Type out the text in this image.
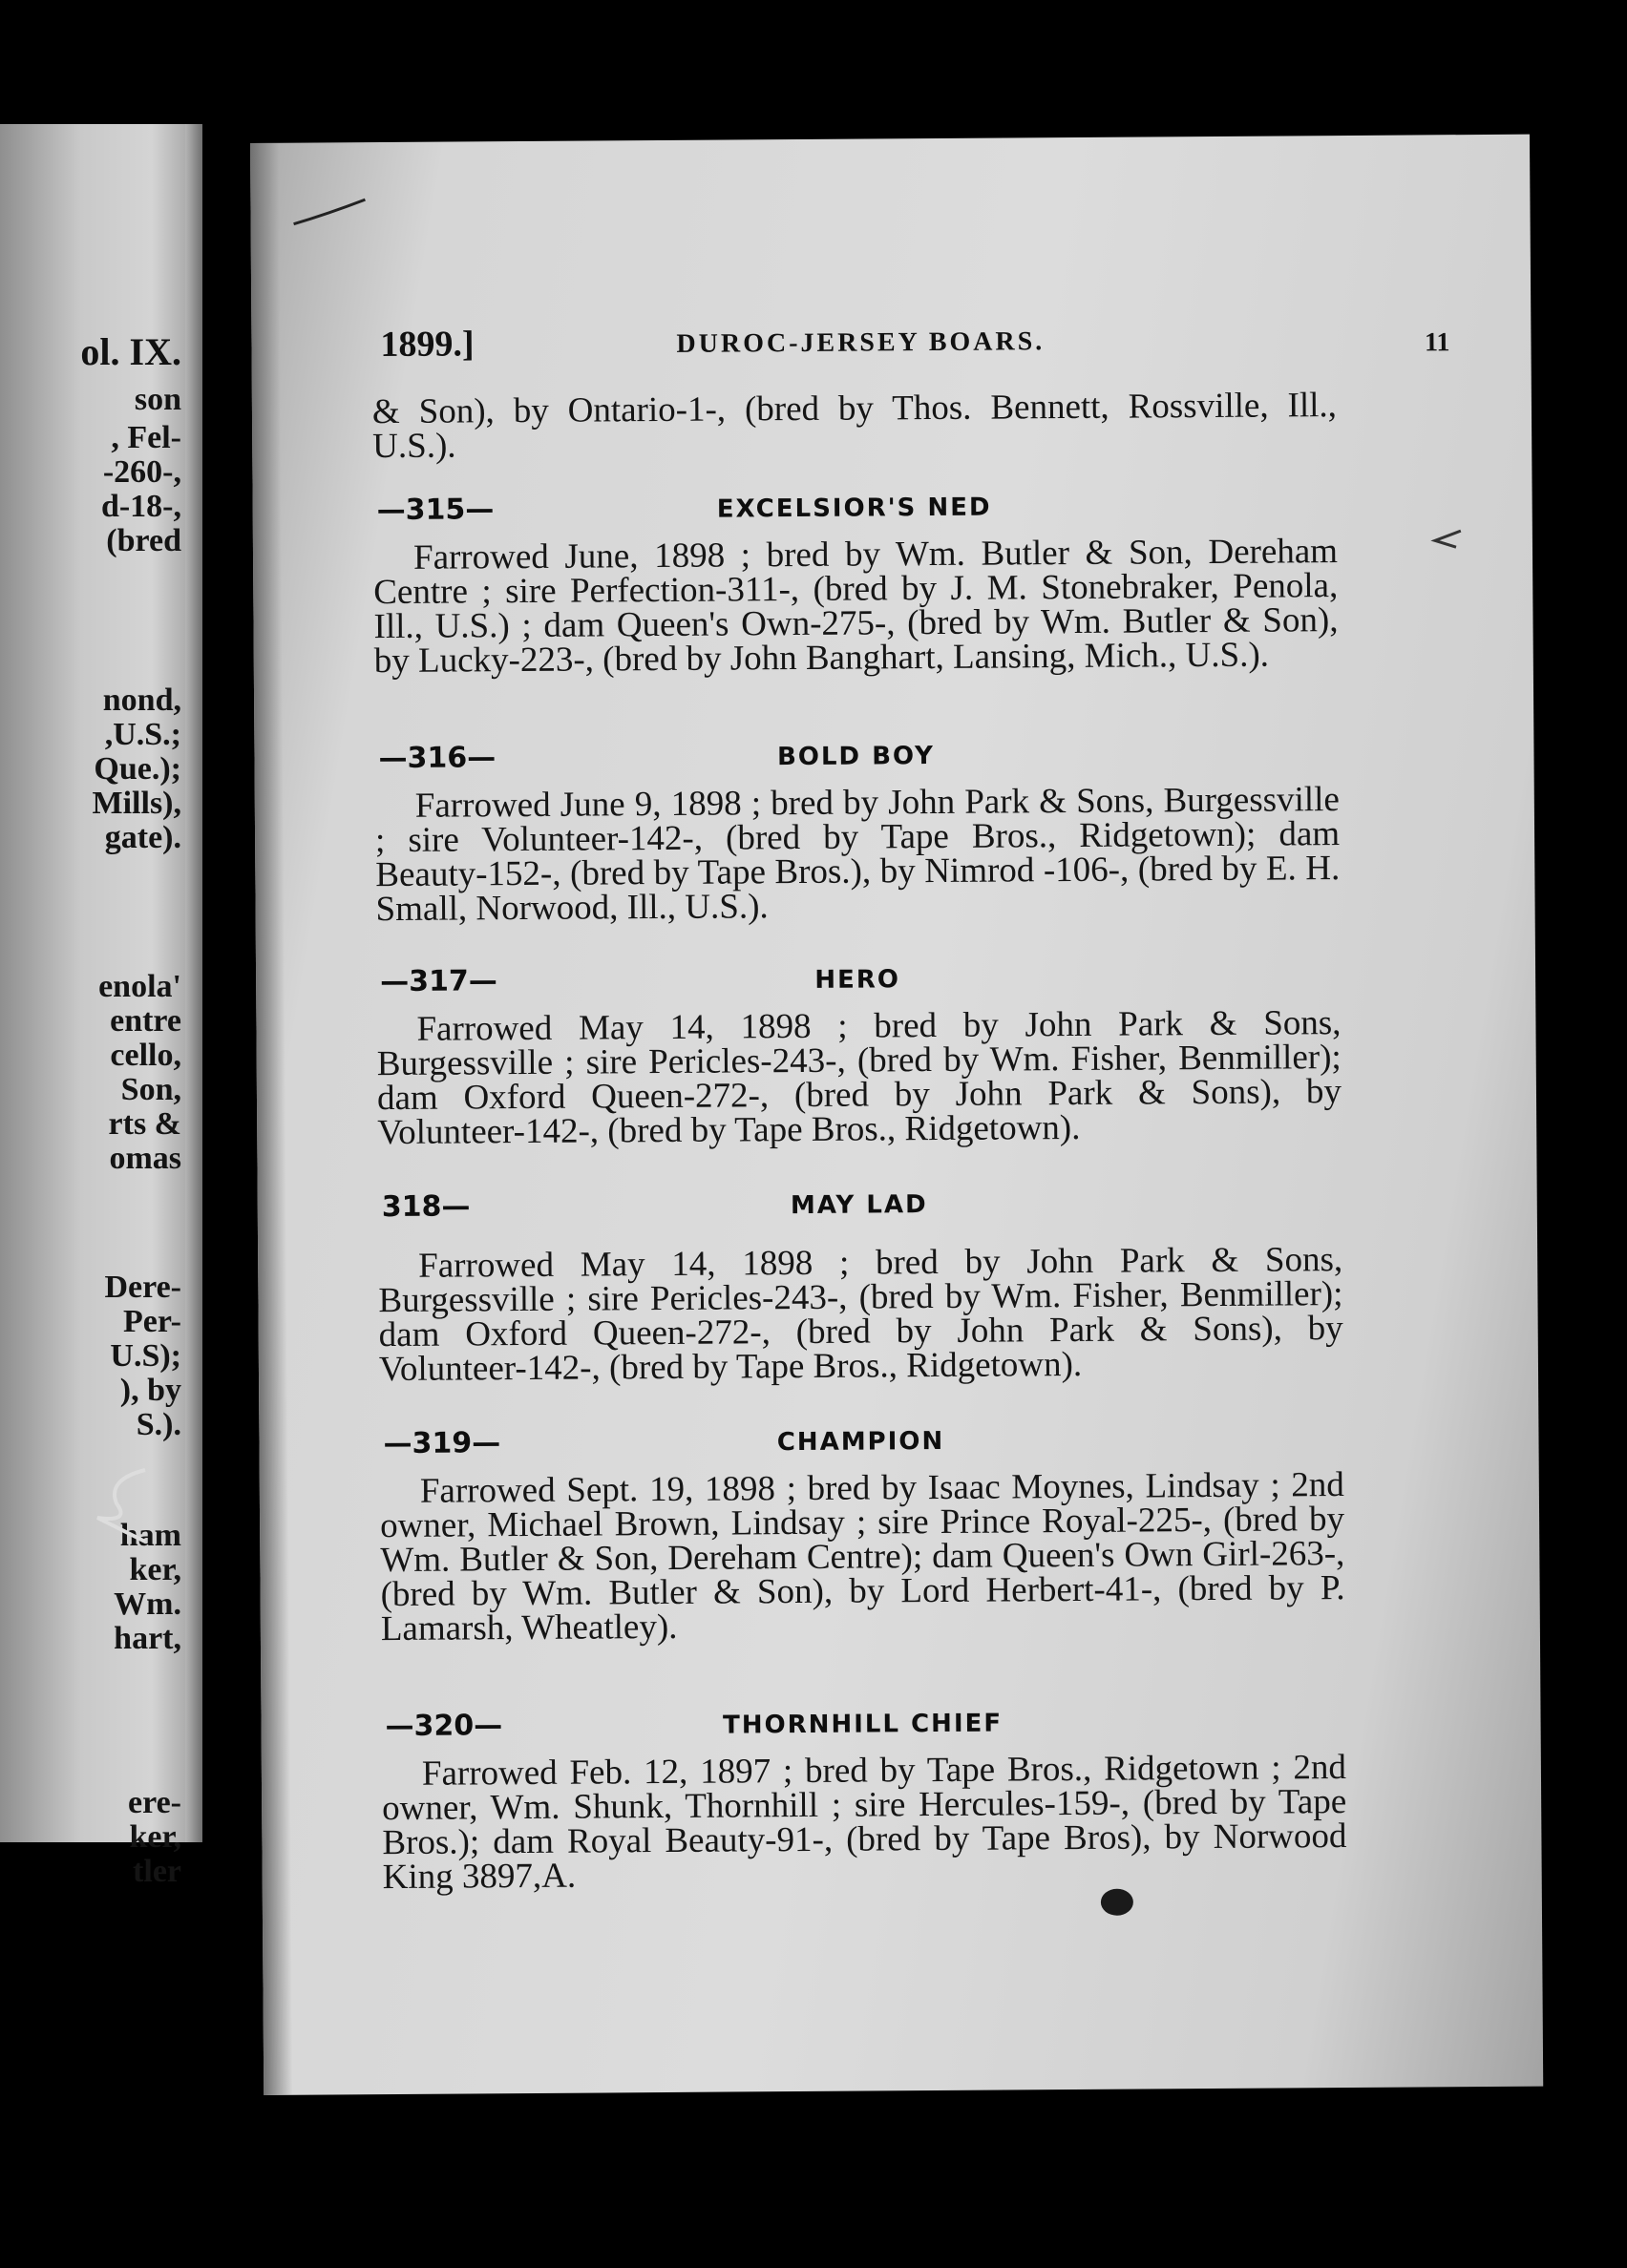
ol. IX.
son
, Fel-
-260-,
d-18-,
(bred
nond,
,U.S.;
Que.);
Mills),
gate).
enola'
entre
cello,
Son,
rts &
omas
Dere-
Per-
U.S);
), by
S.).
ham
ker,
Wm.
hart,
ere-
ker,
tler
1899.]	DUROC-JERSEY BOARS.	11
& Son), by Ontario-1-, (bred by Thos. Bennett, Rossville, Ill., U.S.).
—315—	EXCELSIOR'S NED
Farrowed June, 1898 ; bred by Wm. Butler & Son, Dereham Centre ; sire Perfection-311-, (bred by J. M. Stonebraker, Penola, Ill., U.S.) ; dam Queen's Own-275-, (bred by Wm. Butler & Son), by Lucky-223-, (bred by John Banghart, Lansing, Mich., U.S.).
—316—	BOLD BOY
Farrowed June 9, 1898 ; bred by John Park & Sons, Burgessville ; sire Volunteer-142-, (bred by Tape Bros., Ridgetown); dam Beauty-152-, (bred by Tape Bros.), by Nimrod -106-, (bred by E. H. Small, Norwood, Ill., U.S.).
—317—	HERO
Farrowed May 14, 1898 ; bred by John Park & Sons, Burgessville ; sire Pericles-243-, (bred by Wm. Fisher, Benmiller); dam Oxford Queen-272-, (bred by John Park & Sons), by Volunteer-142-, (bred by Tape Bros., Ridgetown).
318—	MAY LAD
Farrowed May 14, 1898 ; bred by John Park & Sons, Burgessville ; sire Pericles-243-, (bred by Wm. Fisher, Benmiller); dam Oxford Queen-272-, (bred by John Park & Sons), by Volunteer-142-, (bred by Tape Bros., Ridgetown).
—319—	CHAMPION
Farrowed Sept. 19, 1898 ; bred by Isaac Moynes, Lindsay ; 2nd owner, Michael Brown, Lindsay ; sire Prince Royal-225-, (bred by Wm. Butler & Son, Dereham Centre); dam Queen's Own Girl-263-, (bred by Wm. Butler & Son), by Lord Herbert-41-, (bred by P. Lamarsh, Wheatley).
—320—	THORNHILL CHIEF
Farrowed Feb. 12, 1897 ; bred by Tape Bros., Ridgetown ; 2nd owner, Wm. Shunk, Thornhill ; sire Hercules-159-, (bred by Tape Bros.); dam Royal Beauty-91-, (bred by Tape Bros), by Norwood King 3897,A.
